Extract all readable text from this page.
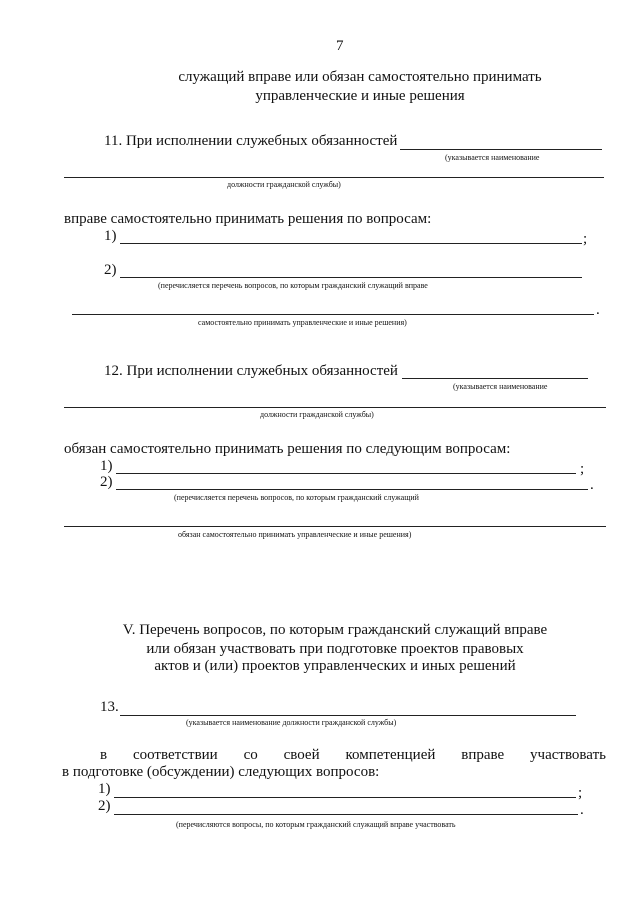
7
служащий вправе или обязан самостоятельно принимать
управленческие и иные решения
11. При исполнении служебных обязанностей
(указывается наименование
должности гражданской службы)
вправе самостоятельно принимать решения по вопросам:
1)	;
2)
(перечисляется перечень вопросов, по которым гражданский служащий вправе
.
самостоятельно принимать управленческие и иные решения)
12. При исполнении служебных обязанностей
(указывается наименование
должности гражданской службы)
обязан самостоятельно принимать решения по следующим вопросам:
1)	;
2)	.
(перечисляется перечень вопросов, по которым гражданский служащий
обязан самостоятельно принимать управленческие и иные решения)
V. Перечень вопросов, по которым гражданский служащий вправе
или обязан участвовать при подготовке проектов правовых
актов и (или) проектов управленческих и иных решений
13.
(указывается наименование должности гражданской службы)
в соответствии со своей компетенцией вправе участвовать
в подготовке (обсуждении) следующих вопросов:
1)	;
2)	.
(перечисляются вопросы, по которым гражданский служащий вправе участвовать
